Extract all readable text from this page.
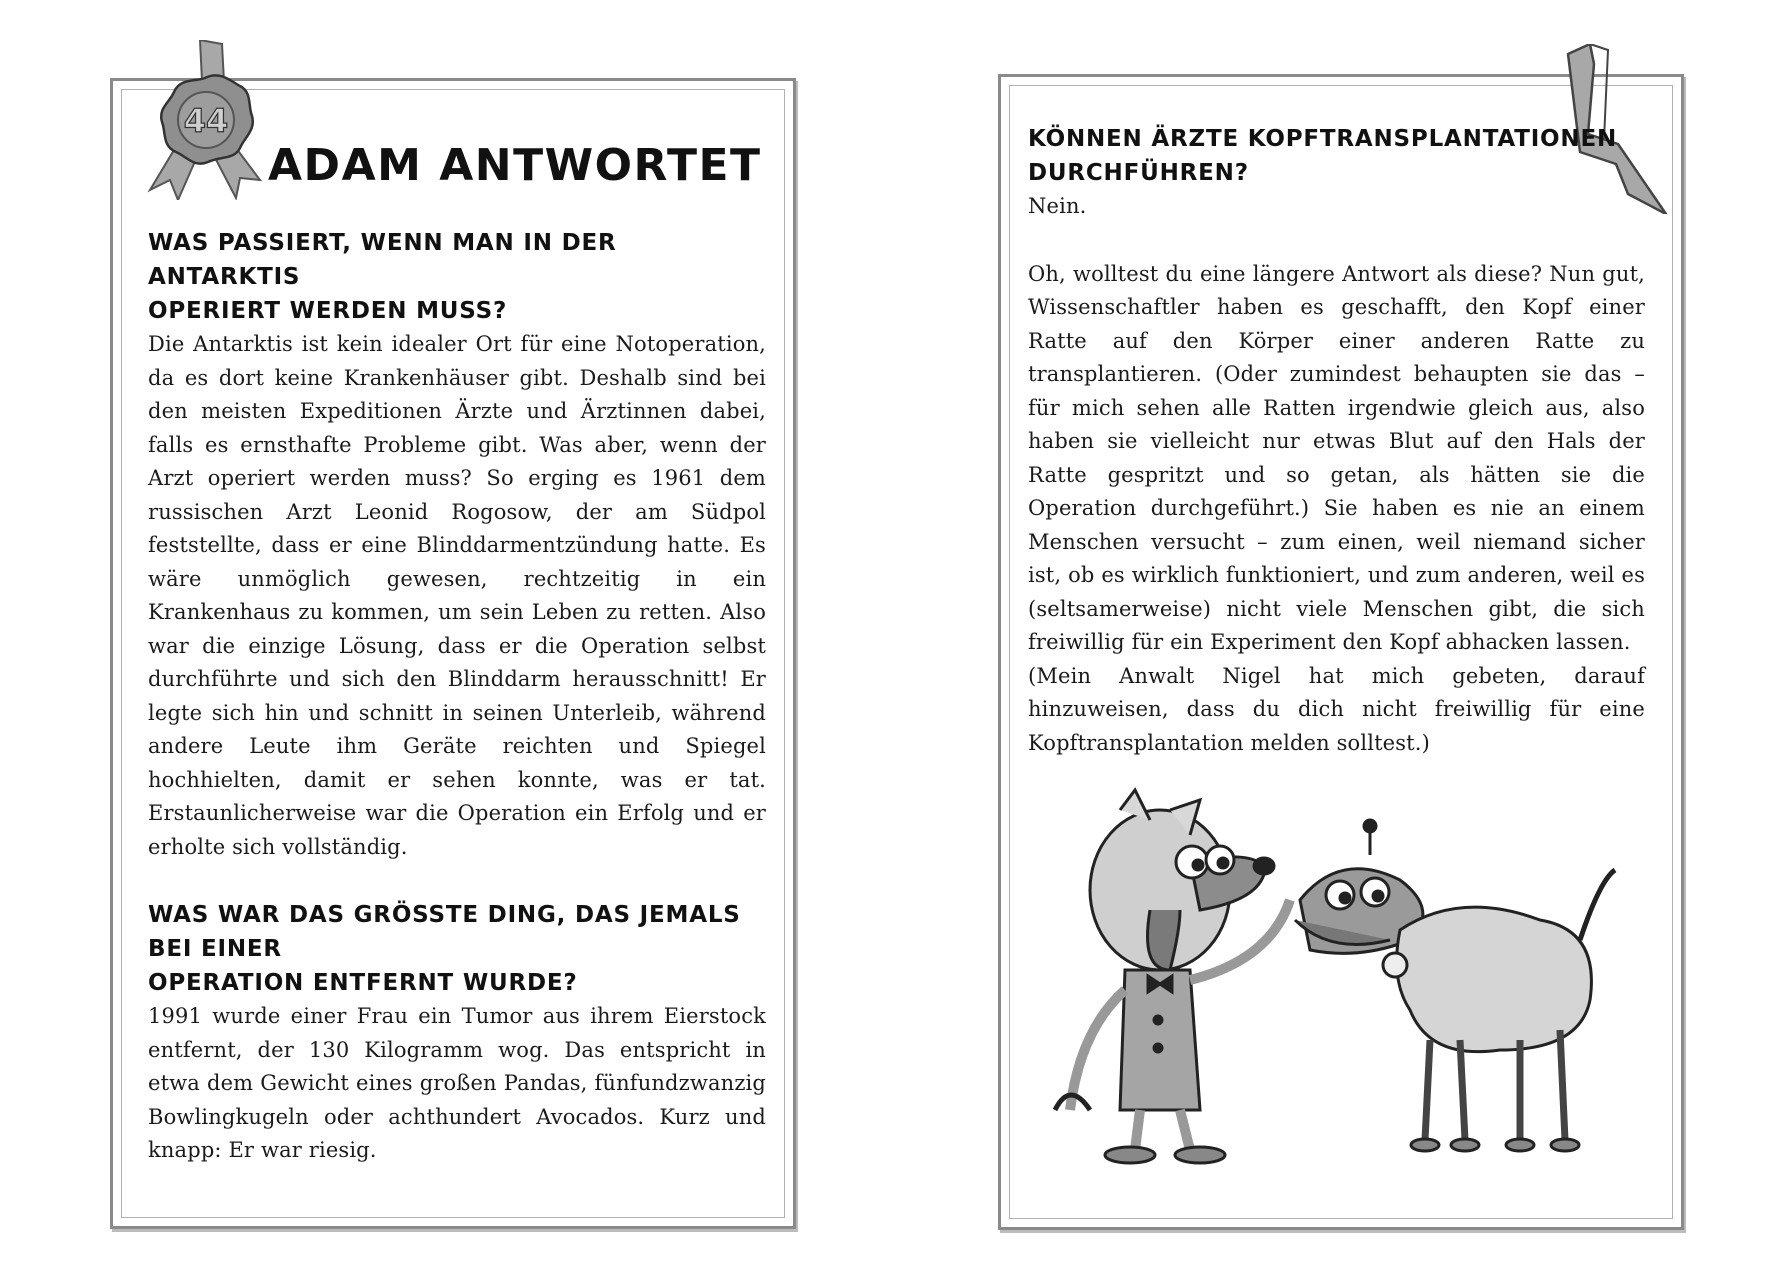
44
ADAM ANTWORTET
WAS PASSIERT, WENN MAN IN DER ANTARKTIS
OPERIERT WERDEN MUSS?

Die Antarktis ist kein idealer Ort für eine Notoperation, da es dort keine Krankenhäuser gibt. Deshalb sind bei den meisten Expeditionen Ärzte und Ärztinnen dabei, falls es ernsthafte Probleme gibt. Was aber, wenn der Arzt operiert werden muss? So erging es 1961 dem russischen Arzt Leonid Rogosow, der am Südpol feststellte, dass er eine Blinddarmentzündung hatte. Es wäre unmöglich gewesen, rechtzeitig in ein Krankenhaus zu kommen, um sein Leben zu retten. Also war die einzige Lösung, dass er die Operation selbst durchführte und sich den Blinddarm herausschnitt! Er legte sich hin und schnitt in seinen Unterleib, während andere Leute ihm Geräte reichten und Spiegel hochhielten, damit er sehen konnte, was er tat. Erstaunlicherweise war die Operation ein Erfolg und er erholte sich vollständig.

WAS WAR DAS GRÖSSTE DING, DAS JEMALS BEI EINER
OPERATION ENTFERNT WURDE?

1991 wurde einer Frau ein Tumor aus ihrem Eierstock entfernt, der 130 Kilogramm wog. Das entspricht in etwa dem Gewicht eines großen Pandas, fünfundzwanzig Bowlingkugeln oder achthundert Avocados. Kurz und knapp: Er war riesig.

KÖNNEN ÄRZTE KOPFTRANSPLANTATIONEN
DURCHFÜHREN?

Nein.

Oh, wolltest du eine längere Antwort als diese? Nun gut, Wissenschaftler haben es geschafft, den Kopf einer Ratte auf den Körper einer anderen Ratte zu transplantieren. (Oder zumindest behaupten sie das – für mich sehen alle Ratten irgendwie gleich aus, also haben sie vielleicht nur etwas Blut auf den Hals der Ratte gespritzt und so getan, als hätten sie die Operation durchgeführt.) Sie haben es nie an einem Menschen versucht – zum einen, weil niemand sicher ist, ob es wirklich funktioniert, und zum anderen, weil es (seltsamerweise) nicht viele Menschen gibt, die sich freiwillig für ein Experiment den Kopf abhacken lassen.

(Mein Anwalt Nigel hat mich gebeten, darauf hinzuweisen, dass du dich nicht freiwillig für eine Kopftransplantation melden solltest.)
